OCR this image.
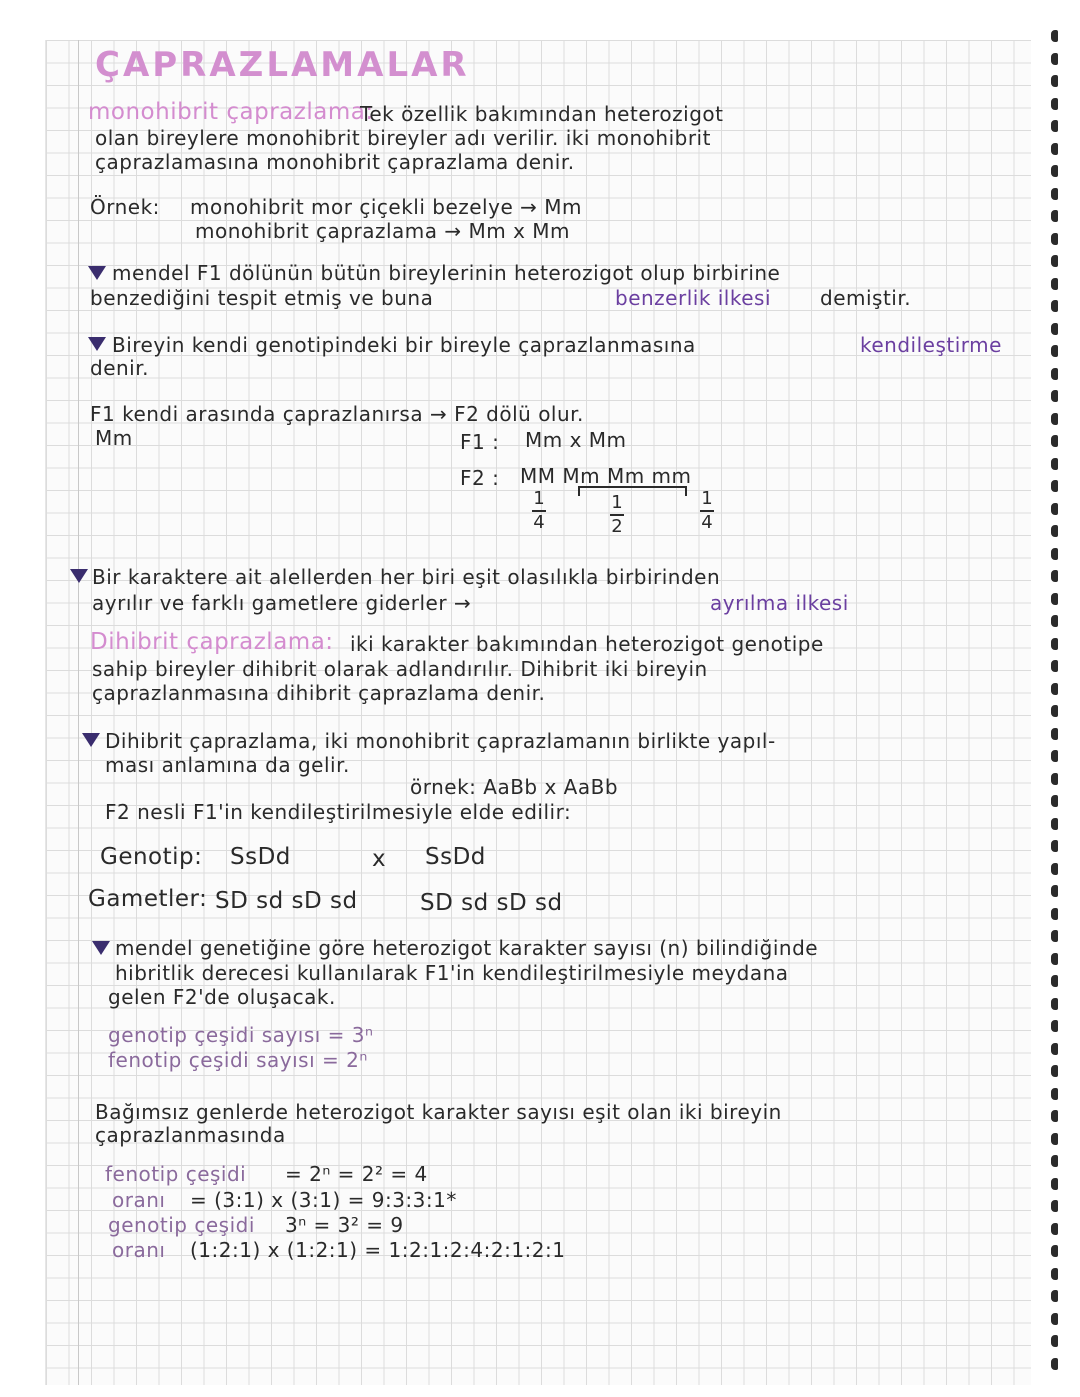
ÇAPRAZLAMALAR
monohibrit çaprazlama:
Tek özellik bakımından heterozigot
olan bireylere monohibrit bireyler adı verilir. iki monohibrit
çaprazlamasına monohibrit çaprazlama denir.
Örnek: monohibrit mor çiçekli bezelye → Mm
monohibrit çaprazlama → Mm x Mm
mendel F1 dölünün bütün bireylerinin heterozigot olup birbirine
benzediğini tespit etmiş ve buna	benzerlik ilkesi demiştir.
Bireyin kendi genotipindeki bir bireyle çaprazlanmasına	kendileştirme
denir.
F1 kendi arasında çaprazlanırsa → F2 dölü olur.
Mm	F1 : Mm x Mm
F2 : MM Mm Mm mm
1
4
1
2
1
4
Bir karaktere ait alellerden her biri eşit olasılıkla birbirinden
ayrılır ve farklı gametlere giderler →	ayrılma ilkesi
Dihibrit çaprazlama: iki karakter bakımından heterozigot genotipe
sahip bireyler dihibrit olarak adlandırılır. Dihibrit iki bireyin
çaprazlanmasına dihibrit çaprazlama denir.
Dihibrit çaprazlama, iki monohibrit çaprazlamanın birlikte yapıl-
ması anlamına da gelir.
örnek: AaBb x AaBb
F2 nesli F1'in kendileştirilmesiyle elde edilir:
Genotip: SsDd	x SsDd
Gametler: SD sd sD sd	SD sd sD sd
mendel genetiğine göre heterozigot karakter sayısı (n) bilindiğinde
hibritlik derecesi kullanılarak F1'in kendileştirilmesiyle meydana
gelen F2'de oluşacak.
genotip çeşidi sayısı = 3ⁿ
fenotip çeşidi sayısı = 2ⁿ
Bağımsız genlerde heterozigot karakter sayısı eşit olan iki bireyin
çaprazlanmasında
fenotip çeşidi = 2ⁿ = 2² = 4
oranı = (3:1) x (3:1) = 9:3:3:1*
genotip çeşidi 3ⁿ = 3² = 9
oranı (1:2:1) x (1:2:1) = 1:2:1:2:4:2:1:2:1
